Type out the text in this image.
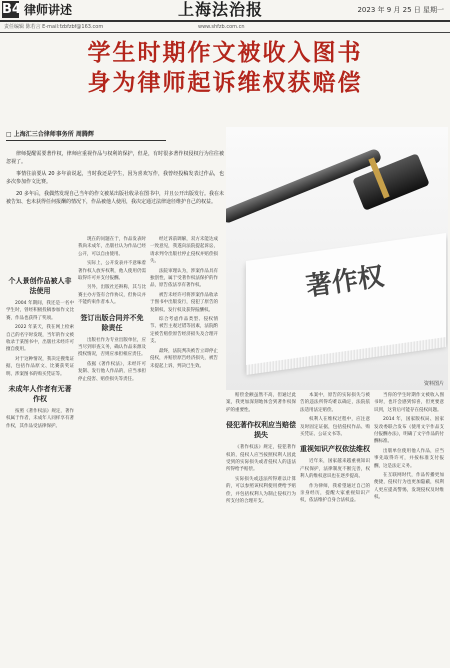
B4 律师讲述	上海法治报	2023 年 9 月 25 日 星期一
责任编辑 陈若言 E-mail:fzbfzbf@163.com	www.shfzb.com.cn
学生时期作文被收入图书
身为律师起诉维权获赔偿
□ 上海汇三合律师事务所 周腾辉

律师提醒需要著作权，律师应重视作品与权利的保护，但是，有时很多著作权侵权行为往往被忽视了。

事情往前要从 20 多年前说起，当时我还是学生，因为喜欢写作，我曾经投稿发表过作品，也多次参加作文比赛。

20 多年后，我偶然发现自己当年的作文被某出版社收录在图书中，并且公开出版发行。我在未被告知、也未获得任何报酬的情况下，作品被他人使用，我决定通过法律途径维护自己的权益。

著作权
资料图片

个人景创作品被人非法使用

2004 年期间，我还是一名中学生时，曾经积极投稿参加作文比赛，作品也获得了奖项。

2022 年某天，我在网上检索自己的名字时发现，当年的作文被收录于某图书中，出版社未经许可擅自使用。

对于这种情况，我决定搜集证据，包括作品原文、比赛获奖证明、涉案图书的购买凭证等。

未成年人作者有无著作权

按照《著作权法》规定，著作权属于作者，未成年人同样享有著作权，其作品受法律保护。

现在的问题在于，作品发表时我尚未成年，出版社认为作品已经公开，可以自由使用。

实际上，公开发表并不意味着著作权人放弃权利，他人使用仍需取得许可并支付报酬。

另外，出版社还辩称，其与比赛主办方签有合作协议，但协议并不能约束作者本人。

签订出版合同并不免除责任

出版社作为专业出版单位，应当尽到审查义务，确认作品来源及授权情况，否则应承担相应责任。

依据《著作权法》，未经许可复制、发行他人作品的，应当承担停止侵害、赔偿损失等责任。

经过诉前调解，双方未能达成一致意见，我遂向法院提起诉讼，请求判令出版社停止侵权并赔偿损失。

法院审理认为，涉案作品具有独创性，属于受著作权法保护的作品，原告依法享有著作权。

被告未经许可将涉案作品收录于图书中出版发行，侵犯了原告的复制权、发行权及获得报酬权。

综合考虑作品类型、侵权情节、被告主观过错等因素，法院酌定被告赔偿原告经济损失及合理开支。

最终，法院判决被告立即停止侵权，并赔偿原告经济损失，被告未提起上诉，判决已生效。

赔偿金额虽然不高，但通过此案，我更加深刻地体会到著作权保护的重要性。

侵犯著作权利应当赔偿损失

《著作权法》规定，侵犯著作权的，侵权人应当按照权利人因此受到的实际损失或者侵权人的违法所得给予赔偿。

实际损失或违法所得难以计算的，可以参照该权利使用费给予赔偿，并包括权利人为制止侵权行为所支付的合理开支。

本案中，原告的实际损失与被告的违法所得均难以确定，法院依法适用法定赔偿。

权利人在维权过程中，应注意及时固定证据，包括侵权作品、购买凭证、公证文书等。

重视知识产权依法维权

近年来，国家越来越重视知识产权保护，法律制度不断完善，权利人的维权意识也在逐步提高。

作为律师，我希望通过自己的亲身经历，提醒大家重视知识产权，依法维护自身合法权益。

当你的学生时期作文被收入图书时，也许会感到惊喜，但更要意识到，这背后可能存在侵权问题。

2014 年，国家版权局、国家发改委联合发布《使用文字作品支付报酬办法》，明确了文字作品的付酬标准。

出版单位使用他人作品，应当事先取得许可，并按标准支付报酬，这是法定义务。

在互联网时代，作品传播更加便捷，侵权行为也更加隐蔽，权利人更应提高警惕，发现侵权及时维权。
